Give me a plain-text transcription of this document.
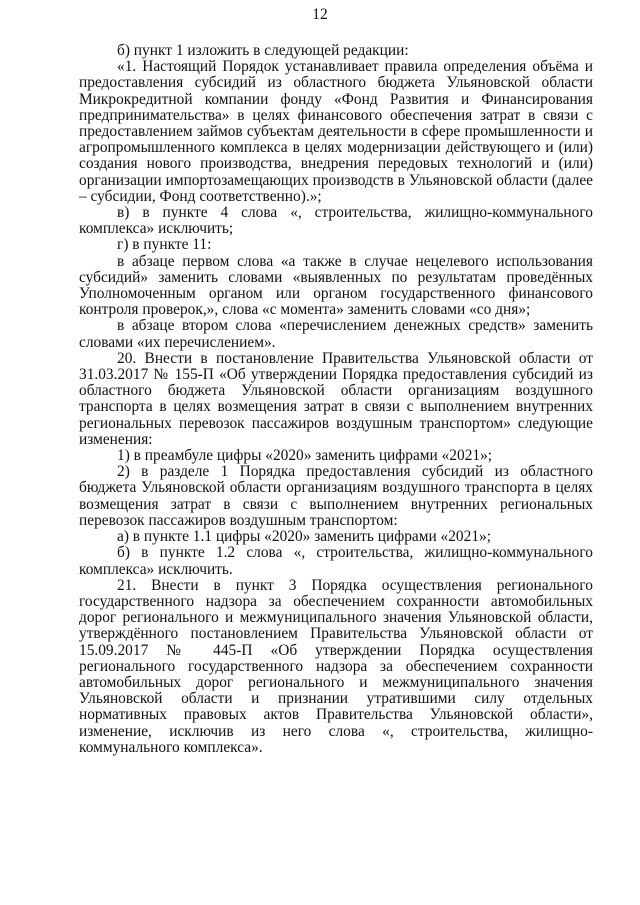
12

б) пункт 1 изложить в следующей редакции:

«1. Настоящий Порядок устанавливает правила определения объёма и предоставления субсидий из областного бюджета Ульяновской области Микрокредитной компании фонду «Фонд Развития и Финансирования предпринимательства» в целях финансового обеспечения затрат в связи с предоставлением займов субъектам деятельности в сфере промышленности и агропромышленного комплекса в целях модернизации действующего и (или) создания нового производства, внедрения передовых технологий и (или) организации импортозамещающих производств в Ульяновской области (далее – субсидии, Фонд соответственно).»;

в) в пункте 4 слова «, строительства, жилищно-коммунального комплекса» исключить;

г) в пункте 11:

в абзаце первом слова «а также в случае нецелевого использования субсидий» заменить словами «выявленных по результатам проведённых Уполномоченным органом или органом государственного финансового контроля проверок,», слова «с момента» заменить словами «со дня»;

в абзаце втором слова «перечислением денежных средств» заменить словами «их перечислением».

20. Внести в постановление Правительства Ульяновской области от 31.03.2017 № 155-П «Об утверждении Порядка предоставления субсидий из областного бюджета Ульяновской области организациям воздушного транспорта в целях возмещения затрат в связи с выполнением внутренних региональных перевозок пассажиров воздушным транспортом» следующие изменения:

1) в преамбуле цифры «2020» заменить цифрами «2021»;

2) в разделе 1 Порядка предоставления субсидий из областного бюджета Ульяновской области организациям воздушного транспорта в целях возмещения затрат в связи с выполнением внутренних региональных перевозок пассажиров воздушным транспортом:

а) в пункте 1.1 цифры «2020» заменить цифрами «2021»;

б) в пункте 1.2 слова «, строительства, жилищно-коммунального комплекса» исключить.

21. Внести в пункт 3 Порядка осуществления регионального государственного надзора за обеспечением сохранности автомобильных дорог регионального и межмуниципального значения Ульяновской области, утверждённого постановлением Правительства Ульяновской области от 15.09.2017 № 445-П «Об утверждении Порядка осуществления регионального государственного надзора за обеспечением сохранности автомобильных дорог регионального и межмуниципального значения Ульяновской области и признании утратившими силу отдельных нормативных правовых актов Правительства Ульяновской области», изменение, исключив из него слова «, строительства, жилищно-коммунального комплекса».
